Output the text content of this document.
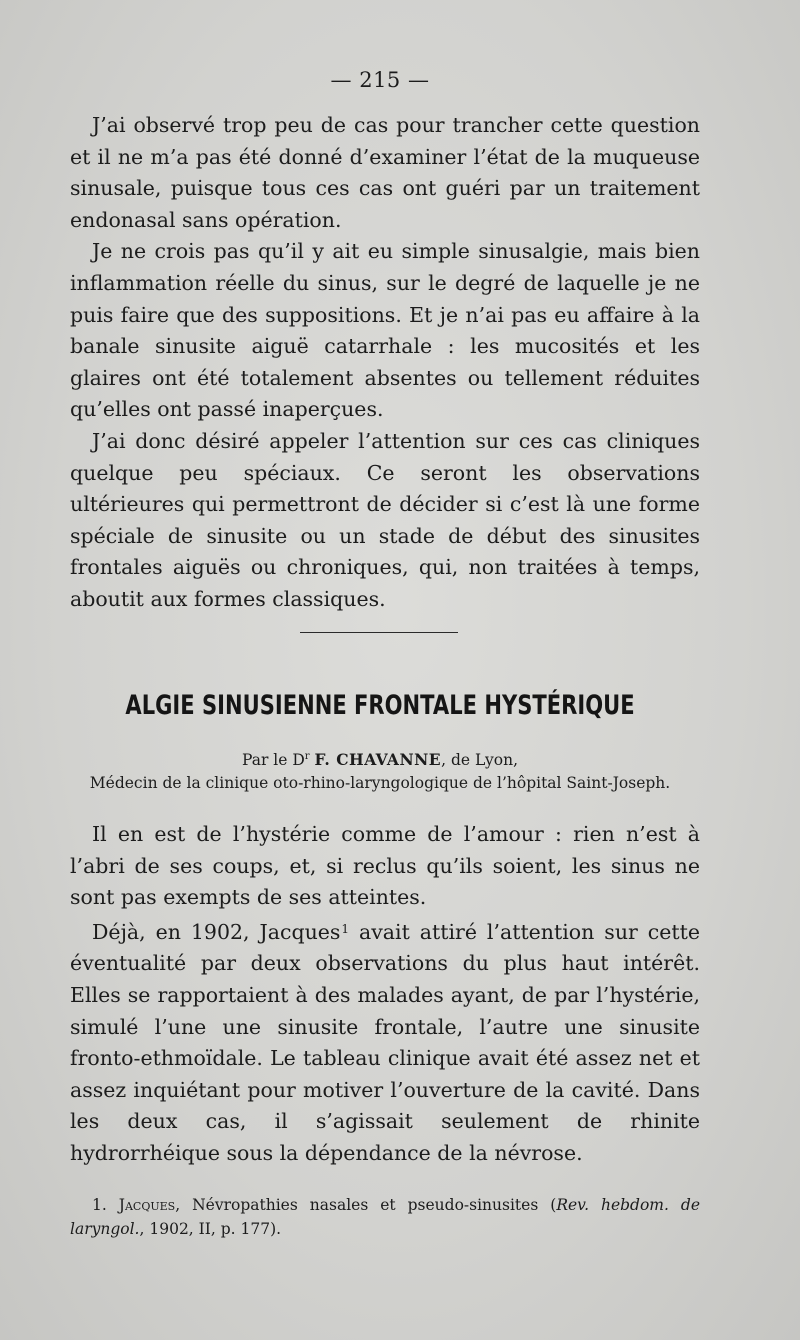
— 215 —

J’ai observé trop peu de cas pour trancher cette question et il ne m’a pas été donné d’examiner l’état de la muqueuse sinusale, puisque tous ces cas ont guéri par un traitement endonasal sans opération.

Je ne crois pas qu’il y ait eu simple sinusalgie, mais bien inflammation réelle du sinus, sur le degré de laquelle je ne puis faire que des suppositions. Et je n’ai pas eu affaire à la banale sinusite aiguë catarrhale : les mucosités et les glaires ont été totalement absentes ou tellement réduites qu’elles ont passé inaperçues.

J’ai donc désiré appeler l’attention sur ces cas cliniques quelque peu spéciaux. Ce seront les observations ultérieures qui permettront de décider si c’est là une forme spéciale de sinusite ou un stade de début des sinusites frontales aiguës ou chroniques, qui, non traitées à temps, aboutit aux formes classiques.

ALGIE SINUSIENNE FRONTALE HYSTÉRIQUE
Par le $D^r$ F. CHAVANNE, de Lyon,
Médecin de la clinique oto-rhino-laryngologique de l’hôpital Saint-Joseph.

Il en est de l’hystérie comme de l’amour : rien n’est à l’abri de ses coups, et, si reclus qu’ils soient, les sinus ne sont pas exempts de ses atteintes.

Déjà, en 1902, Jacques$^1$ avait attiré l’attention sur cette éventualité par deux observations du plus haut intérêt. Elles se rapportaient à des malades ayant, de par l’hystérie, simulé l’une une sinusite frontale, l’autre une sinusite fronto-ethmoïdale. Le tableau clinique avait été assez net et assez inquiétant pour motiver l’ouverture de la cavité. Dans les deux cas, il s’agissait seulement de rhinite hydrorrhéique sous la dépendance de la névrose.

1. Jacques, Névropathies nasales et pseudo-sinusites (Rev. hebdom. de laryngol., 1902, II, p. 177).
